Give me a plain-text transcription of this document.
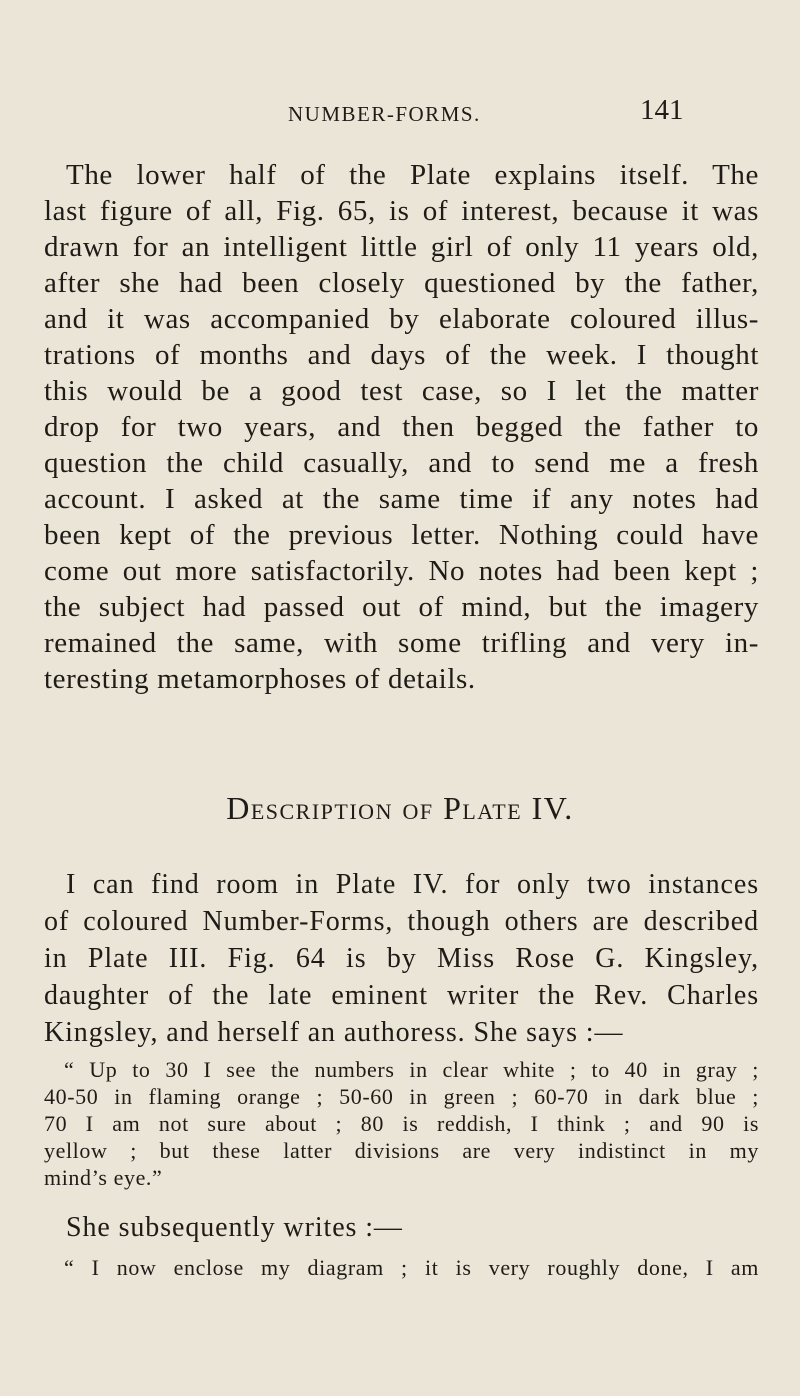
NUMBER-FORMS.	141
The lower half of the Plate explains itself. The
last figure of all, Fig. 65, is of interest, because it was
drawn for an intelligent little girl of only 11 years old,
after she had been closely questioned by the father,
and it was accompanied by elaborate coloured illus-
trations of months and days of the week. I thought
this would be a good test case, so I let the matter
drop for two years, and then begged the father to
question the child casually, and to send me a fresh
account. I asked at the same time if any notes had
been kept of the previous letter. Nothing could have
come out more satisfactorily. No notes had been kept ;
the subject had passed out of mind, but the imagery
remained the same, with some trifling and very in-
teresting metamorphoses of details.
Description of Plate IV.
I can find room in Plate IV. for only two instances
of coloured Number-Forms, though others are described
in Plate III. Fig. 64 is by Miss Rose G. Kingsley,
daughter of the late eminent writer the Rev. Charles
Kingsley, and herself an authoress. She says :—
“ Up to 30 I see the numbers in clear white ; to 40 in gray ;
40-50 in flaming orange ; 50-60 in green ; 60-70 in dark blue ;
70 I am not sure about ; 80 is reddish, I think ; and 90 is
yellow ; but these latter divisions are very indistinct in my
mind’s eye.”
She subsequently writes :—
“ I now enclose my diagram ; it is very roughly done, I am
